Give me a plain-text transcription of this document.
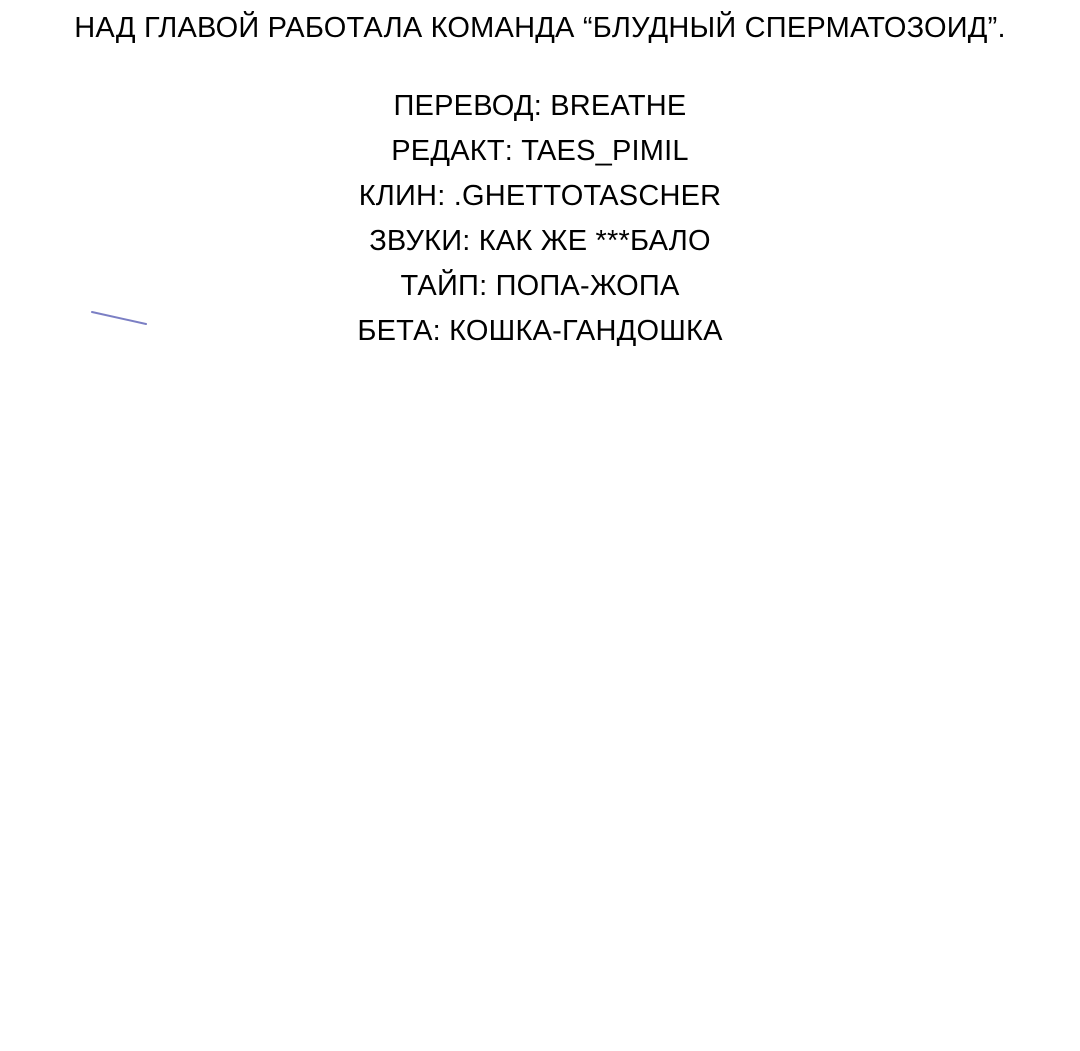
НАД ГЛАВОЙ РАБОТАЛА КОМАНДА “БЛУДНЫЙ СПЕРМАТОЗОИД”.
ПЕРЕВОД: BREATHE
РЕДАКТ: TAES_PIMIL
КЛИН: .GHETTOTASCHER
ЗВУКИ: КАК ЖЕ ***БАЛО
ТАЙП: ПОПА-ЖОПА
БЕТА: КОШКА-ГАНДОШКА
